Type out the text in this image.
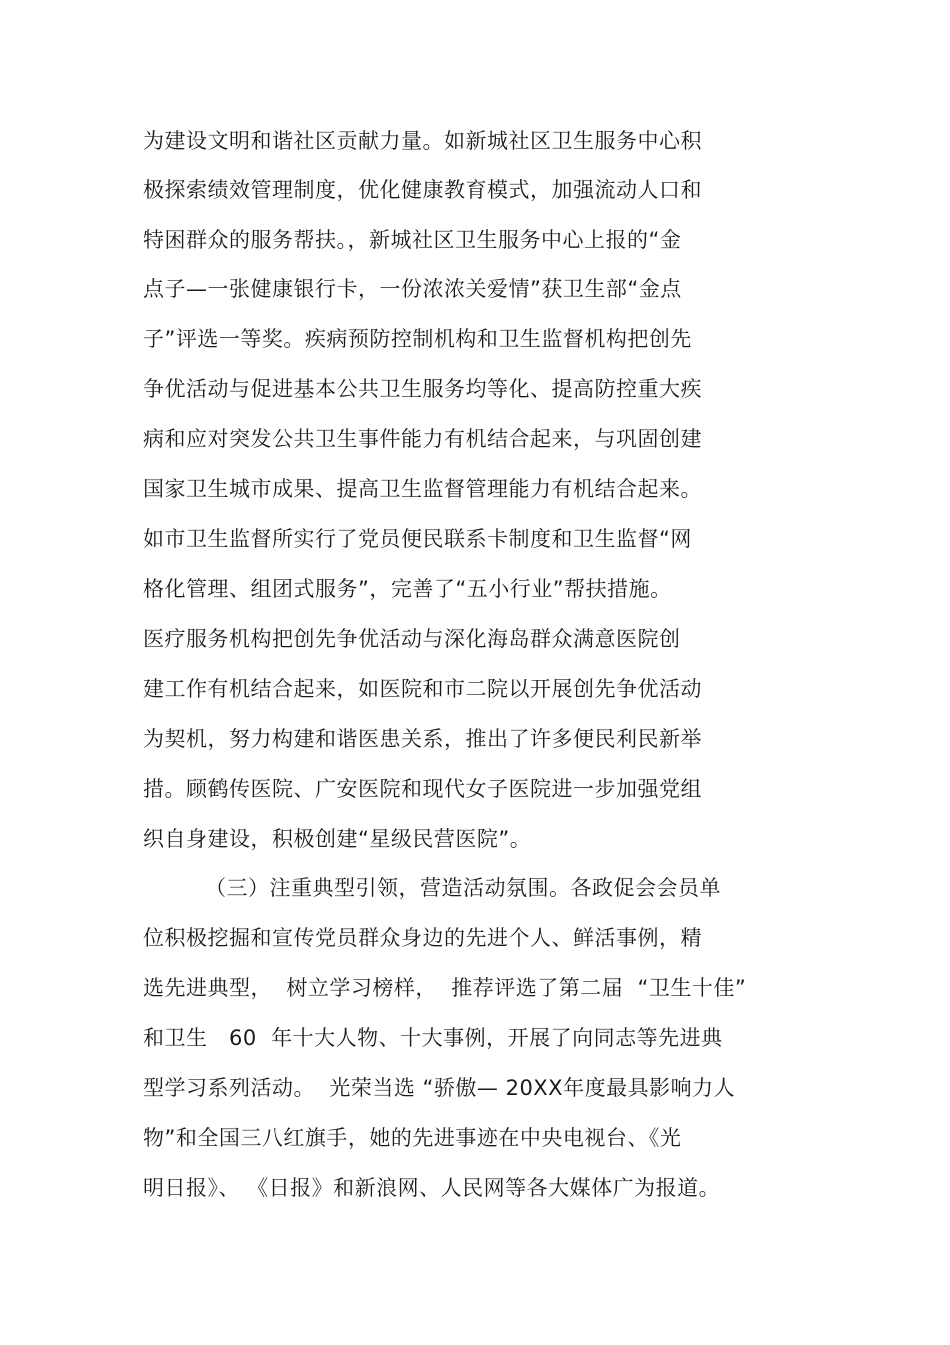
为建设文明和谐社区贡献力量。如新城社区卫生服务中心积
极探索绩效管理制度，优化健康教育模式，加强流动人口和
特困群众的服务帮扶。，新城社区卫生服务中心上报的“金
点子—一张健康银行卡，一份浓浓关爱情”获卫生部“金点
子”评选一等奖。疾病预防控制机构和卫生监督机构把创先
争优活动与促进基本公共卫生服务均等化、提高防控重大疾
病和应对突发公共卫生事件能力有机结合起来，与巩固创建
国家卫生城市成果、提高卫生监督管理能力有机结合起来。
如市卫生监督所实行了党员便民联系卡制度和卫生监督“网
格化管理、组团式服务”，完善了“五小行业”帮扶措施。
医疗服务机构把创先争优活动与深化海岛群众满意医院创
建工作有机结合起来，如医院和市二院以开展创先争优活动
为契机，努力构建和谐医患关系，推出了许多便民利民新举
措。顾鹤传医院、广安医院和现代女子医院进一步加强党组
织自身建设，积极创建“星级民营医院”。
（三）注重典型引领，营造活动氛围。各政促会会员单
位积极挖掘和宣传党员群众身边的先进个人、鲜活事例，精
选先进典型，  树立学习榜样，  推荐评选了第二届  “卫生十佳”
和卫生   60  年十大人物、十大事例，开展了向同志等先进典
型学习系列活动。  光荣当选 “骄傲— 20XX年度最具影响力人
物”和全国三八红旗手，她的先进事迹在中央电视台、《光
明日报》、 《日报》和新浪网、人民网等各大媒体广为报道。
